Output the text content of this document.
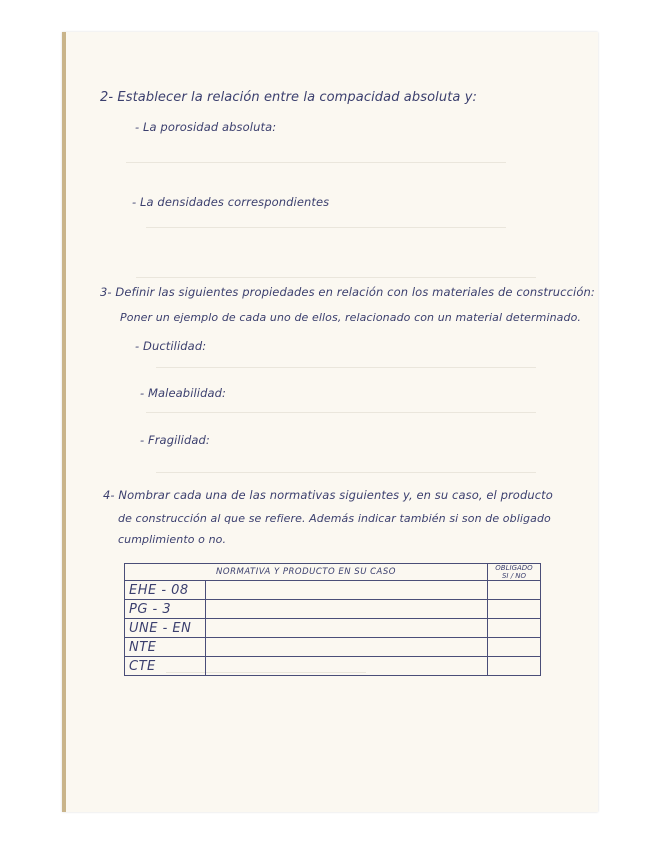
2- Establecer la relación entre la compacidad absoluta y:
- La porosidad absoluta:
- La densidades correspondientes
3- Definir las siguientes propiedades en relación con los materiales de construcción:
Poner un ejemplo de cada uno de ellos, relacionado con un material determinado.
- Ductilidad:
- Maleabilidad:
- Fragilidad:
4- Nombrar cada una de las normativas siguientes y, en su caso, el producto
de construcción al que se refiere. Además indicar también si son de obligado
cumplimiento o no.
NORMATIVA Y PRODUCTO EN SU CASO		OBLIGADO
SI / NO

EHE - 08		
PG - 3		
UNE - EN		
NTE		
CTE		
